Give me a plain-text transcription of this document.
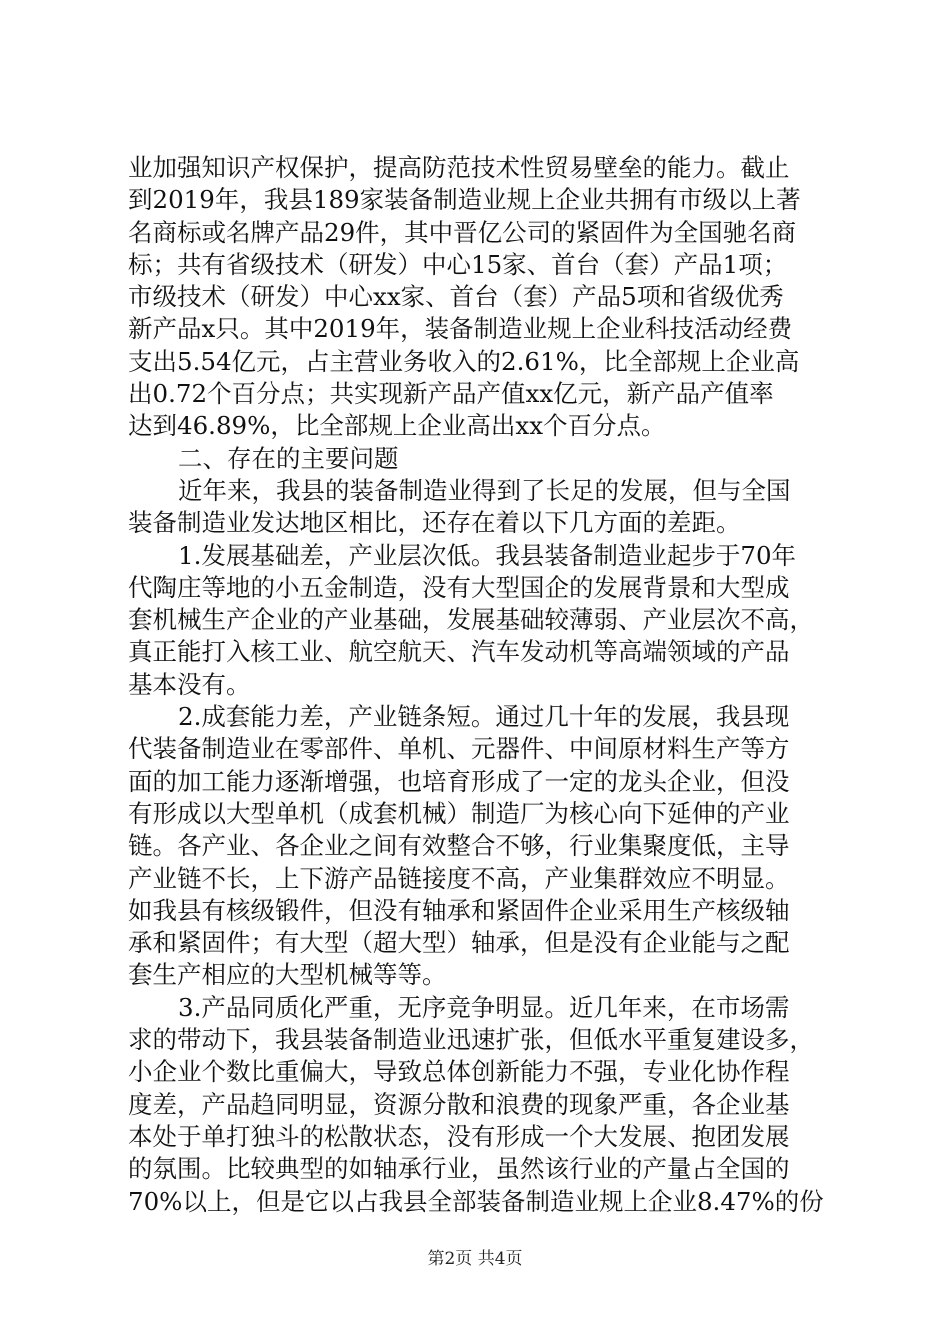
业加强知识产权保护，提高防范技术性贸易壁垒的能力。截止
到2019年，我县189家装备制造业规上企业共拥有市级以上著
名商标或名牌产品29件，其中晋亿公司的紧固件为全国驰名商
标；共有省级技术（研发）中心15家、首台（套）产品1项；
市级技术（研发）中心xx家、首台（套）产品5项和省级优秀
新产品x只。其中2019年，装备制造业规上企业科技活动经费
支出5.54亿元，占主营业务收入的2.61%，比全部规上企业高
出0.72个百分点；共实现新产品产值xx亿元，新产品产值率
达到46.89%，比全部规上企业高出xx个百分点。
二、存在的主要问题
近年来，我县的装备制造业得到了长足的发展，但与全国
装备制造业发达地区相比，还存在着以下几方面的差距。
1.发展基础差，产业层次低。我县装备制造业起步于70年
代陶庄等地的小五金制造，没有大型国企的发展背景和大型成
套机械生产企业的产业基础，发展基础较薄弱、产业层次不高，
真正能打入核工业、航空航天、汽车发动机等高端领域的产品
基本没有。
2.成套能力差，产业链条短。通过几十年的发展，我县现
代装备制造业在零部件、单机、元器件、中间原材料生产等方
面的加工能力逐渐增强，也培育形成了一定的龙头企业，但没
有形成以大型单机（成套机械）制造厂为核心向下延伸的产业
链。各产业、各企业之间有效整合不够，行业集聚度低，主导
产业链不长，上下游产品链接度不高，产业集群效应不明显。
如我县有核级锻件，但没有轴承和紧固件企业采用生产核级轴
承和紧固件；有大型（超大型）轴承，但是没有企业能与之配
套生产相应的大型机械等等。
3.产品同质化严重，无序竞争明显。近几年来，在市场需
求的带动下，我县装备制造业迅速扩张，但低水平重复建设多，
小企业个数比重偏大，导致总体创新能力不强，专业化协作程
度差，产品趋同明显，资源分散和浪费的现象严重，各企业基
本处于单打独斗的松散状态，没有形成一个大发展、抱团发展
的氛围。比较典型的如轴承行业，虽然该行业的产量占全国的
70%以上，但是它以占我县全部装备制造业规上企业8.47%的份
第2页 共4页
